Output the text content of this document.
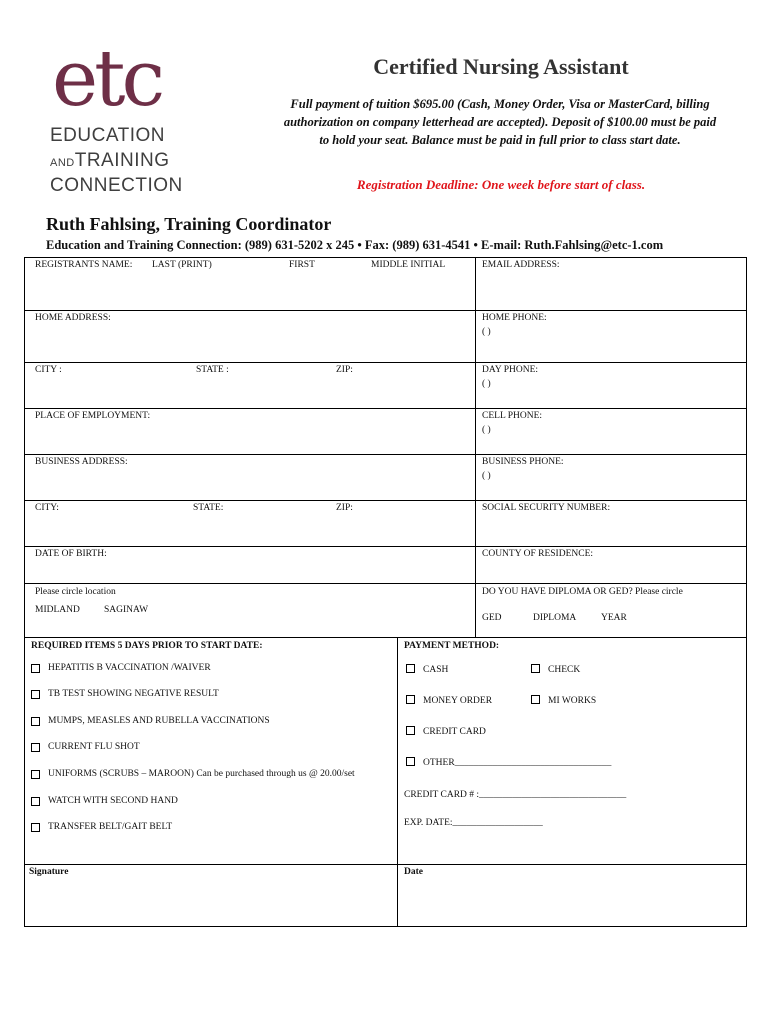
etc
EDUCATION
ANDTRAINING
CONNECTION
Certified Nursing Assistant
Full payment of tuition $695.00 (Cash, Money Order, Visa or MasterCard, billing authorization on company letterhead are accepted). Deposit of $100.00 must be paid to hold your seat. Balance must be paid in full prior to class start date.
Registration Deadline: One week before start of class.
Ruth Fahlsing, Training Coordinator
Education and Training Connection: (989) 631-5202 x 245 • Fax: (989) 631-4541 • E-mail: Ruth.Fahlsing@etc-1.com
REGISTRANTS NAME: LAST (PRINT)	FIRST	MIDDLE INITIAL	EMAIL ADDRESS:
HOME ADDRESS:	HOME PHONE:
( )
CITY :	STATE :	ZIP:	DAY PHONE:
( )
PLACE OF EMPLOYMENT:	CELL PHONE:
( )
BUSINESS ADDRESS:	BUSINESS PHONE:
( )
CITY:	STATE:	ZIP:	SOCIAL SECURITY NUMBER:
DATE OF BIRTH:	COUNTY OF RESIDENCE:
Please circle location
MIDLAND	SAGINAW
DO YOU HAVE DIPLOMA OR GED? Please circle
GED	DIPLOMA	YEAR
REQUIRED ITEMS 5 DAYS PRIOR TO START DATE:
HEPATITIS B VACCINATION /WAIVER
TB TEST SHOWING NEGATIVE RESULT
MUMPS, MEASLES AND RUBELLA VACCINATIONS
CURRENT FLU SHOT
UNIFORMS (SCRUBS – MAROON) Can be purchased through us @ 20.00/set
WATCH WITH SECOND HAND
TRANSFER BELT/GAIT BELT
PAYMENT METHOD:
CASH	CHECK
MONEY ORDER	MI WORKS
CREDIT CARD
OTHER_________________________________
CREDIT CARD # :_______________________________
EXP. DATE:___________________
Signature	Date
